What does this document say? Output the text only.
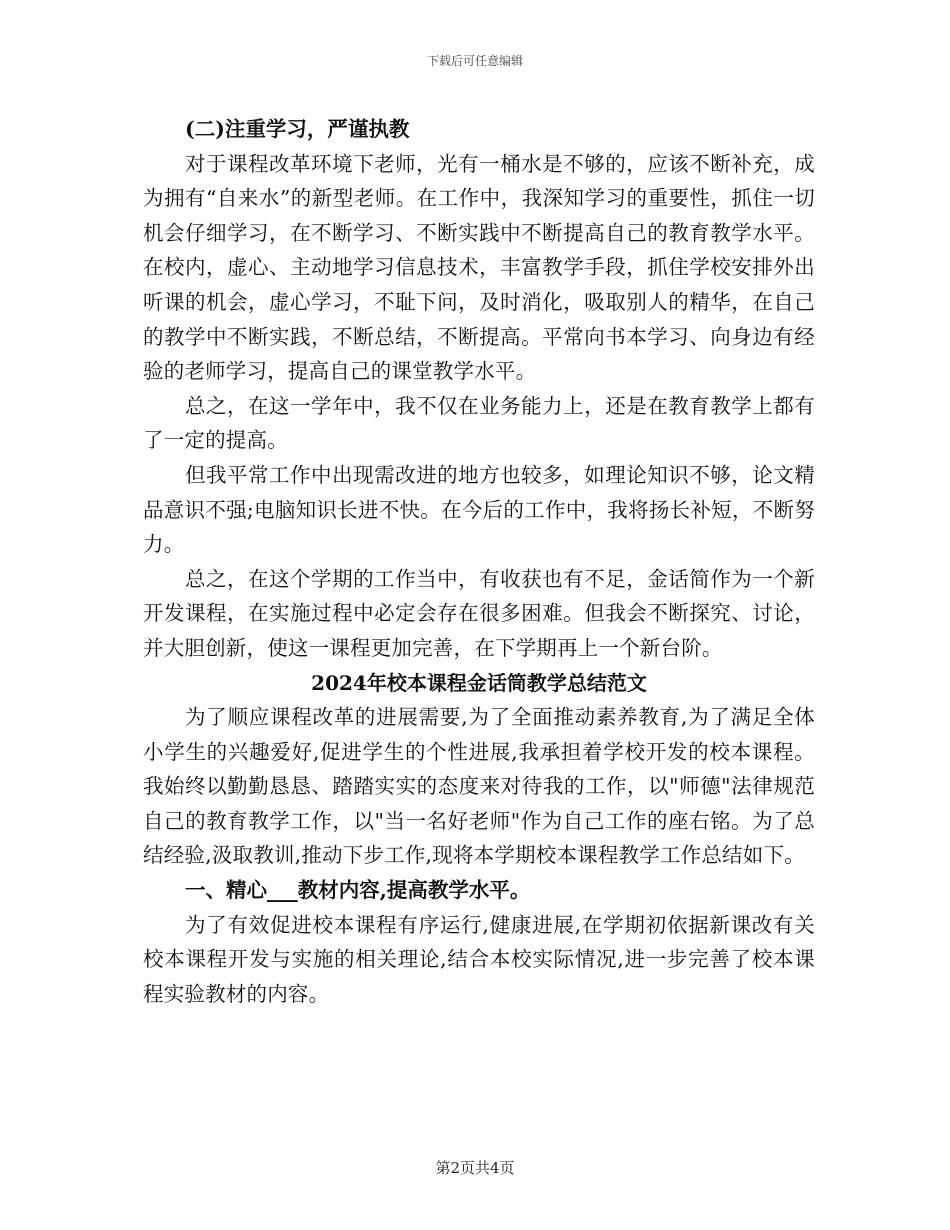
下载后可任意编辑

(二)注重学习，严谨执教

对于课程改革环境下老师，光有一桶水是不够的，应该不断补充，成为拥有“自来水”的新型老师。在工作中，我深知学习的重要性，抓住一切机会仔细学习，在不断学习、不断实践中不断提高自己的教育教学水平。在校内，虚心、主动地学习信息技术，丰富教学手段，抓住学校安排外出听课的机会，虚心学习，不耻下问，及时消化，吸取别人的精华，在自己的教学中不断实践，不断总结，不断提高。平常向书本学习、向身边有经验的老师学习，提高自己的课堂教学水平。

总之，在这一学年中，我不仅在业务能力上，还是在教育教学上都有了一定的提高。

但我平常工作中出现需改进的地方也较多，如理论知识不够，论文精品意识不强;电脑知识长进不快。在今后的工作中，我将扬长补短，不断努力。

总之，在这个学期的工作当中，有收获也有不足，金话简作为一个新开发课程，在实施过程中必定会存在很多困难。但我会不断探究、讨论，并大胆创新，使这一课程更加完善，在下学期再上一个新台阶。

2024年校本课程金话筒教学总结范文

为了顺应课程改革的进展需要,为了全面推动素养教育,为了满足全体小学生的兴趣爱好,促进学生的个性进展,我承担着学校开发的校本课程。我始终以勤勤恳恳、踏踏实实的态度来对待我的工作，以"师德"法律规范自己的教育教学工作，以"当一名好老师"作为自己工作的座右铭。为了总结经验,汲取教训,推动下步工作,现将本学期校本课程教学工作总结如下。

一、精心___教材内容,提高教学水平。

为了有效促进校本课程有序运行,健康进展,在学期初依据新课改有关校本课程开发与实施的相关理论,结合本校实际情况,进一步完善了校本课程实验教材的内容。

第2页共4页
